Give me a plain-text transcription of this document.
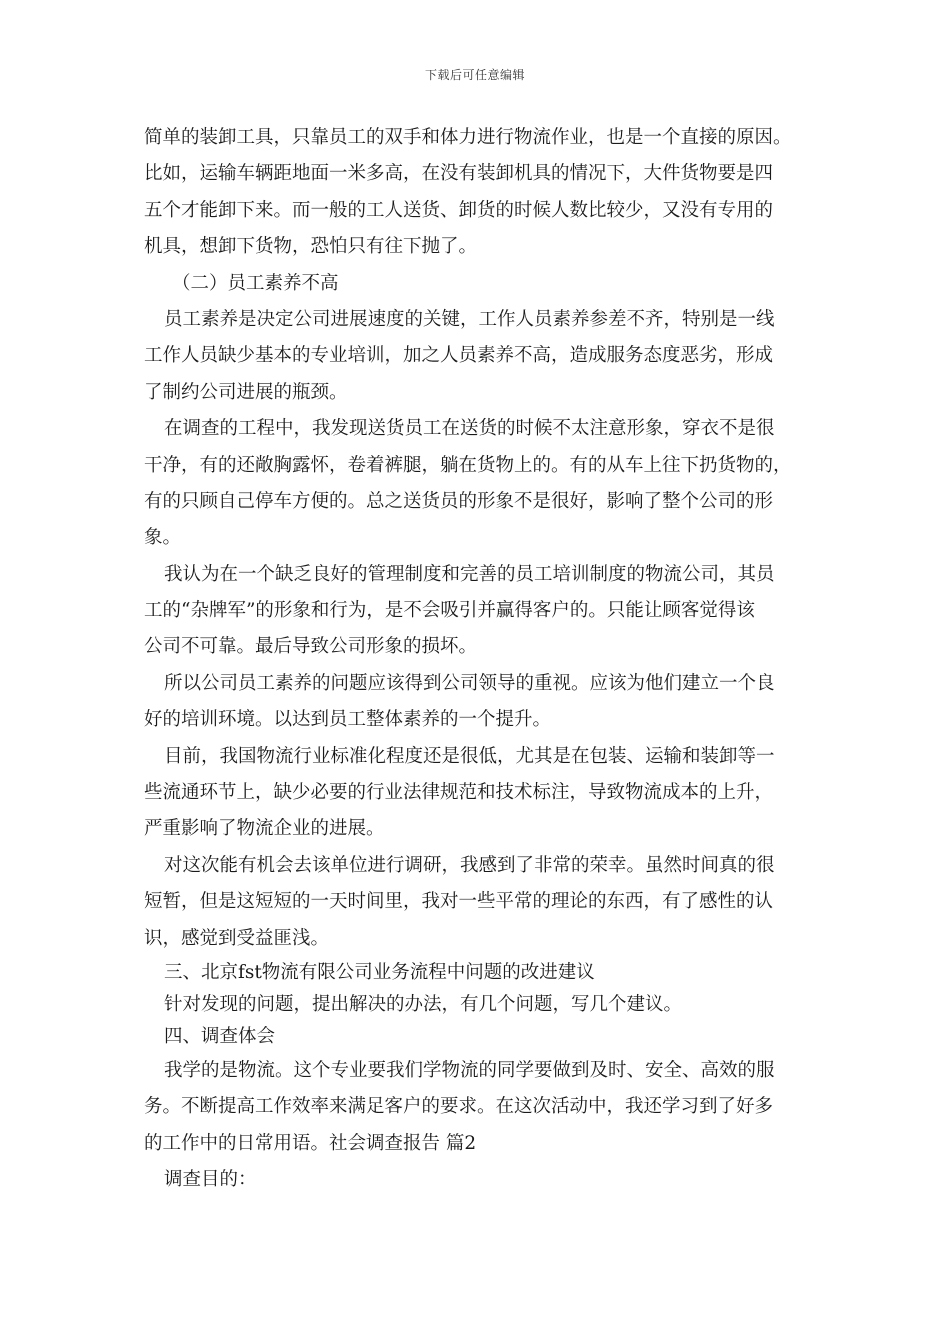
下载后可任意编辑
简单的装卸工具，只靠员工的双手和体力进行物流作业，也是一个直接的原因。
比如，运输车辆距地面一米多高，在没有装卸机具的情况下，大件货物要是四
五个才能卸下来。而一般的工人送货、卸货的时候人数比较少，又没有专用的
机具，想卸下货物，恐怕只有往下抛了。
（二）员工素养不高
员工素养是决定公司进展速度的关键，工作人员素养参差不齐，特别是一线
工作人员缺少基本的专业培训，加之人员素养不高，造成服务态度恶劣，形成
了制约公司进展的瓶颈。
在调查的工程中，我发现送货员工在送货的时候不太注意形象，穿衣不是很
干净，有的还敞胸露怀，卷着裤腿，躺在货物上的。有的从车上往下扔货物的，
有的只顾自己停车方便的。总之送货员的形象不是很好，影响了整个公司的形
象。
我认为在一个缺乏良好的管理制度和完善的员工培训制度的物流公司，其员
工的“杂牌军”的形象和行为，是不会吸引并赢得客户的。只能让顾客觉得该
公司不可靠。最后导致公司形象的损坏。
所以公司员工素养的问题应该得到公司领导的重视。应该为他们建立一个良
好的培训环境。以达到员工整体素养的一个提升。
目前，我国物流行业标准化程度还是很低，尤其是在包装、运输和装卸等一
些流通环节上，缺少必要的行业法律规范和技术标注，导致物流成本的上升，
严重影响了物流企业的进展。
对这次能有机会去该单位进行调研，我感到了非常的荣幸。虽然时间真的很
短暂，但是这短短的一天时间里，我对一些平常的理论的东西，有了感性的认
识，感觉到受益匪浅。
三、北京fst物流有限公司业务流程中问题的改进建议
针对发现的问题，提出解决的办法，有几个问题，写几个建议。
四、调查体会
我学的是物流。这个专业要我们学物流的同学要做到及时、安全、高效的服
务。不断提高工作效率来满足客户的要求。在这次活动中，我还学习到了好多
的工作中的日常用语。社会调查报告 篇2
调查目的：
